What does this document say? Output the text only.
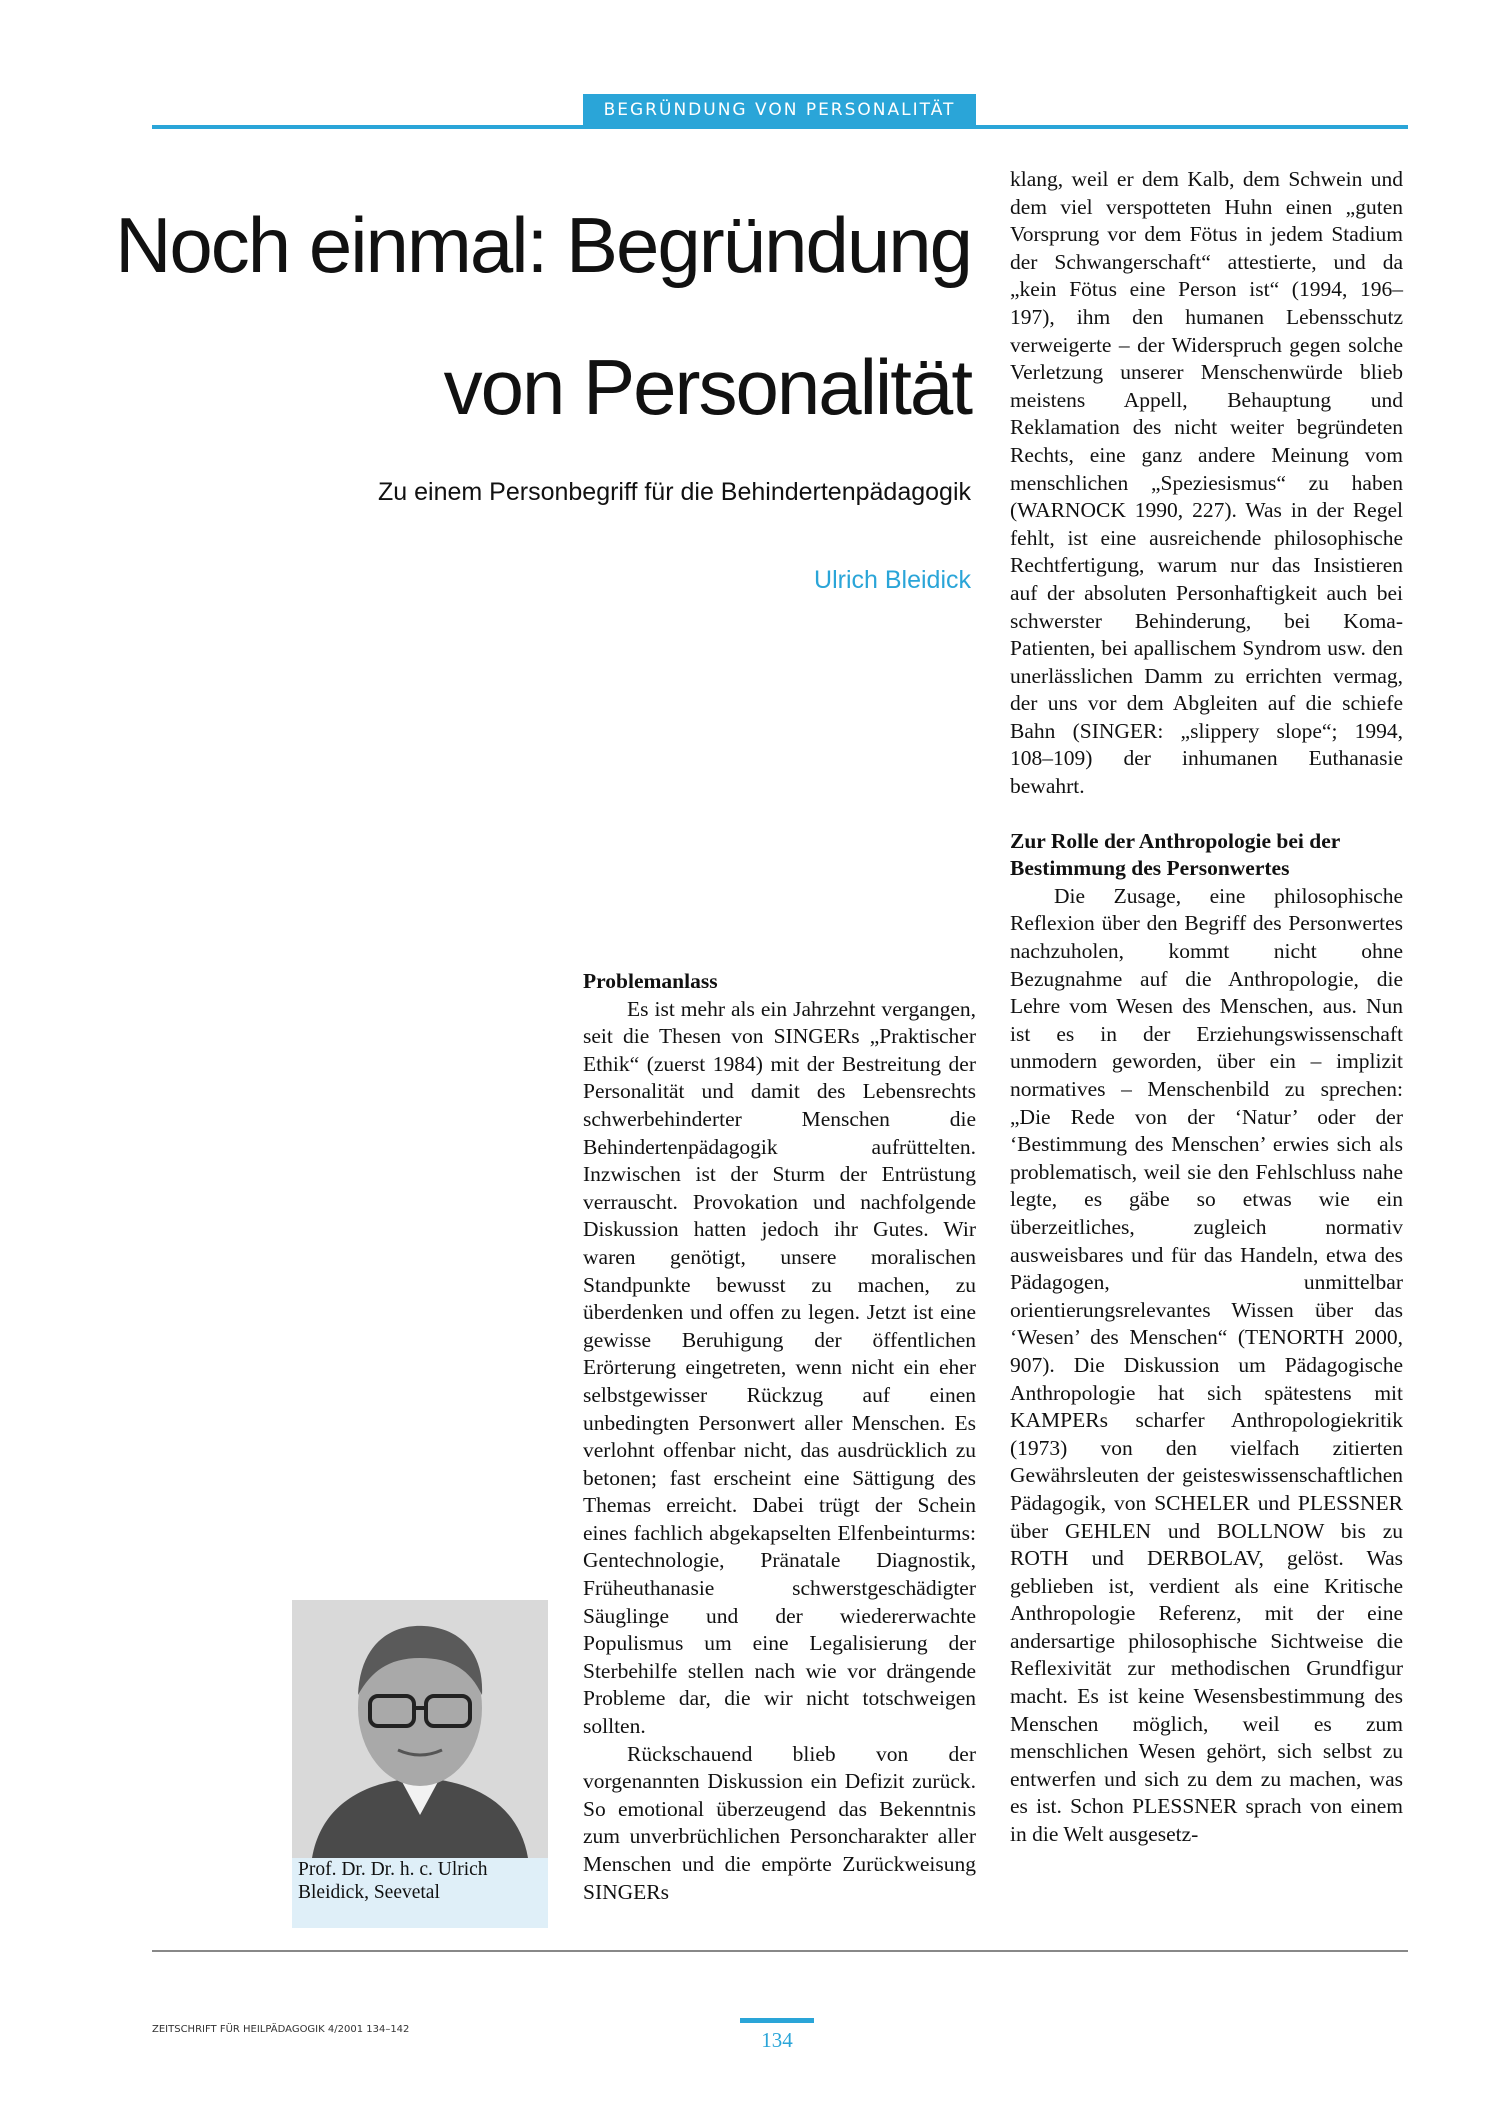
BEGRÜNDUNG VON PERSONALITÄT
Noch einmal: Begründung
von Personalität
Zu einem Personbegriff für die Behindertenpädagogik
Ulrich Bleidick
Prof. Dr. Dr. h. c. Ulrich Bleidick, Seevetal
Problemanlass

Es ist mehr als ein Jahrzehnt vergangen, seit die Thesen von SINGERs „Praktischer Ethik“ (zuerst 1984) mit der Bestreitung der Personalität und damit des Lebensrechts schwerbehinderter Menschen die Behindertenpädagogik aufrüttelten. Inzwischen ist der Sturm der Entrüstung verrauscht. Provokation und nachfolgende Diskussion hatten jedoch ihr Gutes. Wir waren genötigt, unsere moralischen Standpunkte bewusst zu machen, zu überdenken und offen zu legen. Jetzt ist eine gewisse Beruhigung der öffentlichen Erörterung eingetreten, wenn nicht ein eher selbstgewisser Rückzug auf einen unbedingten Personwert aller Menschen. Es verlohnt offenbar nicht, das ausdrücklich zu betonen; fast erscheint eine Sättigung des Themas erreicht. Dabei trügt der Schein eines fachlich abgekapselten Elfenbeinturms: Gentechnologie, Pränatale Diagnostik, Früheuthanasie schwerstgeschädigter Säuglinge und der wiedererwachte Populismus um eine Legalisierung der Sterbehilfe stellen nach wie vor drängende Probleme dar, die wir nicht totschweigen sollten.

Rückschauend blieb von der vorgenannten Diskussion ein Defizit zurück. So emotional überzeugend das Bekenntnis zum unverbrüchlichen Personcharakter aller Menschen und die empörte Zurückweisung SINGERs

klang, weil er dem Kalb, dem Schwein und dem viel verspotteten Huhn einen „guten Vorsprung vor dem Fötus in jedem Stadium der Schwangerschaft“ attestierte, und da „kein Fötus eine Person ist“ (1994, 196–197), ihm den humanen Lebensschutz verweigerte – der Widerspruch gegen solche Verletzung unserer Menschenwürde blieb meistens Appell, Behauptung und Reklamation des nicht weiter begründeten Rechts, eine ganz andere Meinung vom menschlichen „Speziesismus“ zu haben (WARNOCK 1990, 227). Was in der Regel fehlt, ist eine ausreichende philosophische Rechtfertigung, warum nur das Insistieren auf der absoluten Personhaftigkeit auch bei schwerster Behinderung, bei Koma-Patienten, bei apallischem Syndrom usw. den unerlässlichen Damm zu errichten vermag, der uns vor dem Abgleiten auf die schiefe Bahn (SINGER: „slippery slope“; 1994, 108–109) der inhumanen Euthanasie bewahrt.

Zur Rolle der Anthropologie bei der Bestimmung des Personwertes

Die Zusage, eine philosophische Reflexion über den Begriff des Personwertes nachzuholen, kommt nicht ohne Bezugnahme auf die Anthropologie, die Lehre vom Wesen des Menschen, aus. Nun ist es in der Erziehungswissenschaft unmodern geworden, über ein – implizit normatives – Menschenbild zu sprechen: „Die Rede von der ‘Natur’ oder der ‘Bestimmung des Menschen’ erwies sich als problematisch, weil sie den Fehlschluss nahe legte, es gäbe so etwas wie ein überzeitliches, zugleich normativ ausweisbares und für das Handeln, etwa des Pädagogen, unmittelbar orientierungsrelevantes Wissen über das ‘Wesen’ des Menschen“ (TENORTH 2000, 907). Die Diskussion um Pädagogische Anthropologie hat sich spätestens mit KAMPERs scharfer Anthropologiekritik (1973) von den vielfach zitierten Gewährsleuten der geisteswissenschaftlichen Pädagogik, von SCHELER und PLESSNER über GEHLEN und BOLLNOW bis zu ROTH und DERBOLAV, gelöst. Was geblieben ist, verdient als eine Kritische Anthropologie Referenz, mit der eine andersartige philosophische Sichtweise die Reflexivität zur methodischen Grundfigur macht. Es ist keine Wesensbestimmung des Menschen möglich, weil es zum menschlichen Wesen gehört, sich selbst zu entwerfen und sich zu dem zu machen, was es ist. Schon PLESSNER sprach von einem in die Welt ausgesetz-

ZEITSCHRIFT FÜR HEILPÄDAGOGIK 4/2001 134–142	134
